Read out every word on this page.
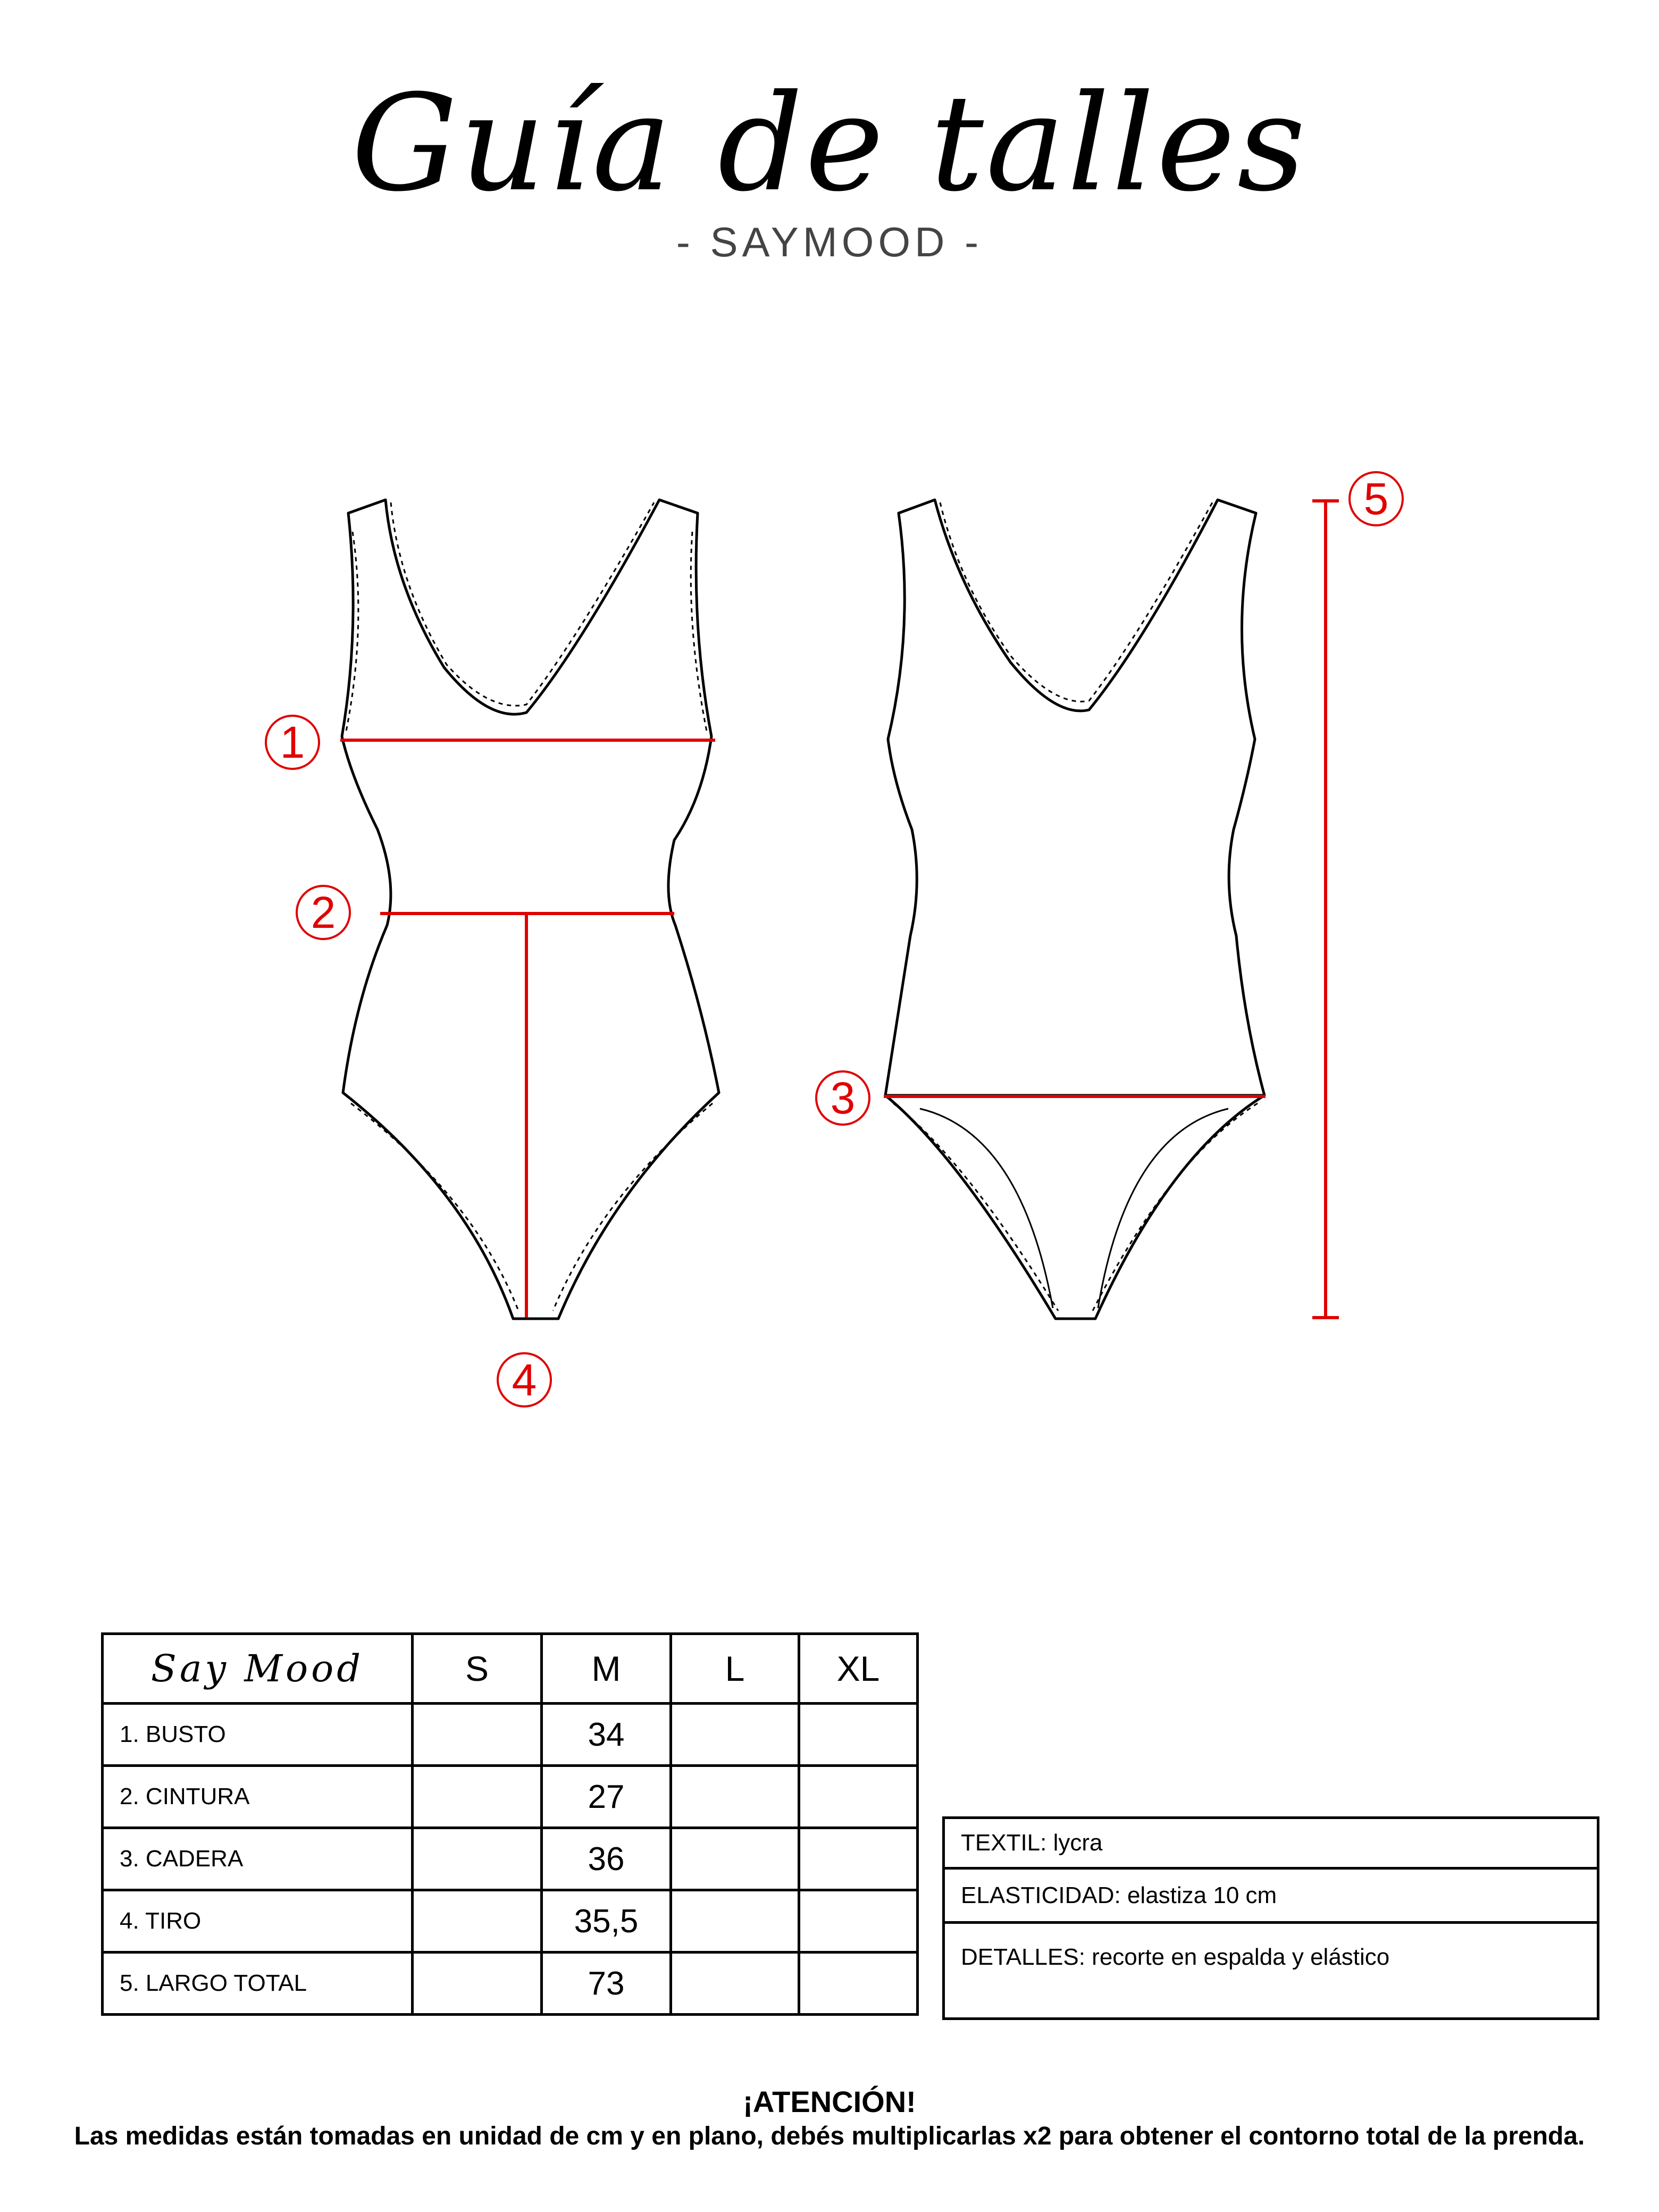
Guía de talles
- SAYMOOD -
1
2
3
4
5
Say Mood	S	M	L	XL
1. BUSTO		34		
2. CINTURA		27		
3. CADERA		36		
4. TIRO		35,5		
5. LARGO TOTAL		73		
TEXTIL: lycra
ELASTICIDAD: elastiza 10 cm
DETALLES: recorte en espalda y elástico
¡ATENCIÓN!
Las medidas están tomadas en unidad de cm y en plano, debés multiplicarlas x2 para obtener el contorno total de la prenda.
